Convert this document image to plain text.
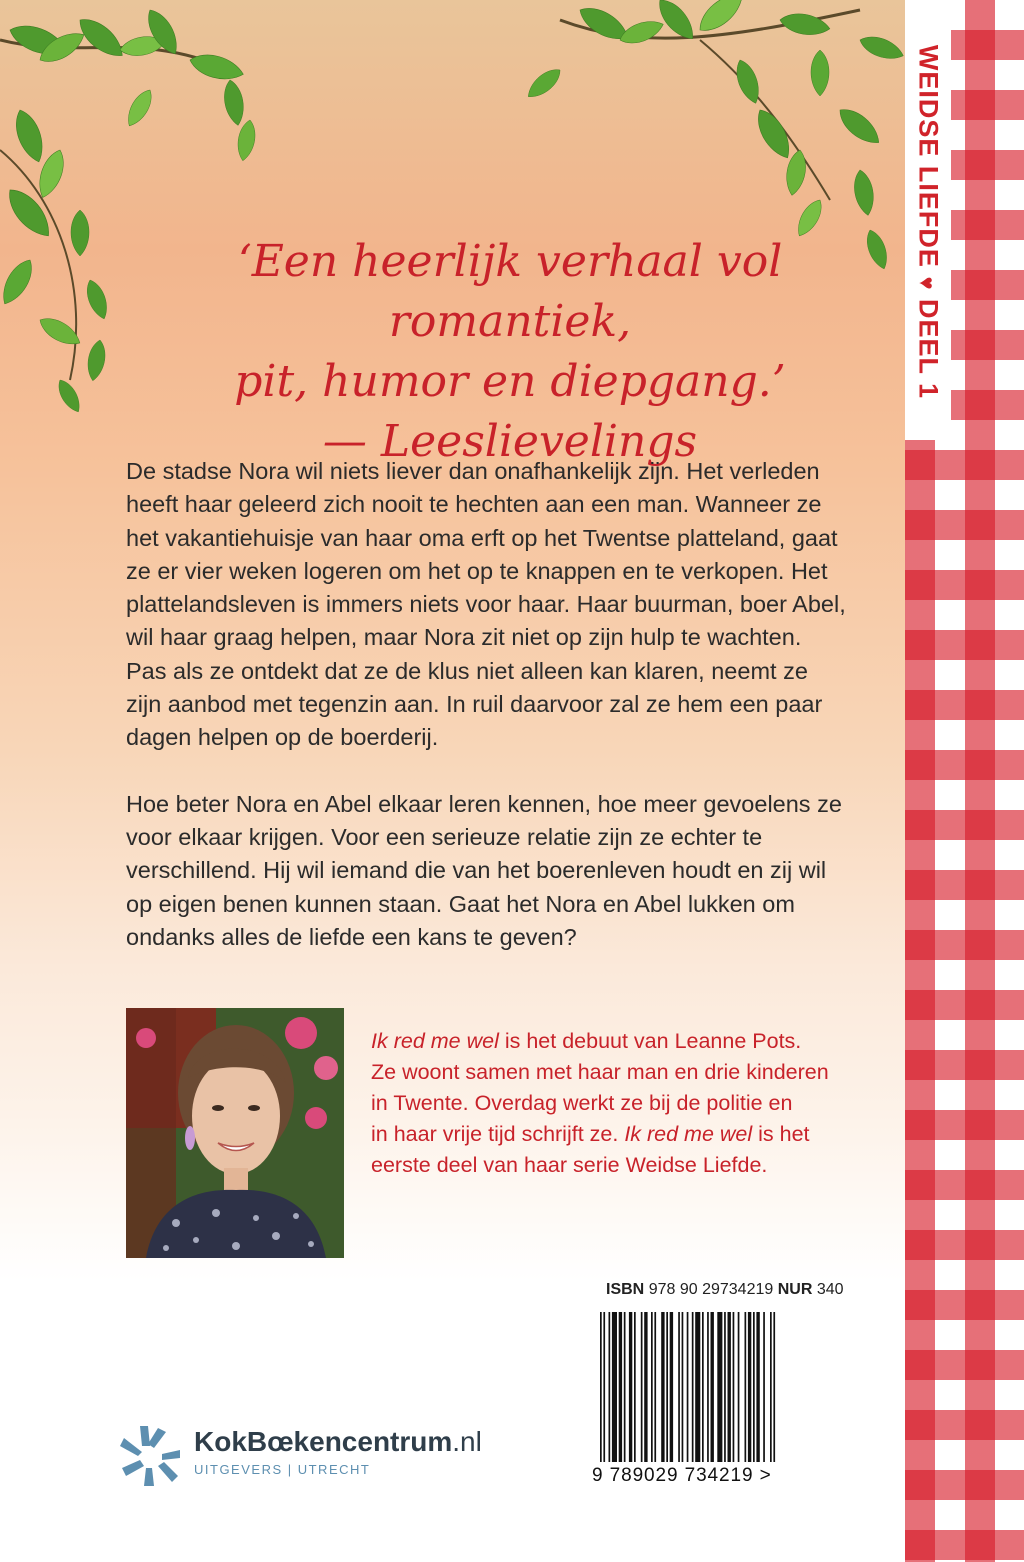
WEIDSE LIEFDE ♥ DEEL 1
‘Een heerlijk verhaal vol romantiek,
pit, humor en diepgang.’
— Leeslievelings

De stadse Nora wil niets liever dan onafhankelijk zijn. Het verleden heeft haar geleerd zich nooit te hechten aan een man. Wanneer ze het vakantiehuisje van haar oma erft op het Twentse platteland, gaat ze er vier weken logeren om het op te knappen en te verkopen. Het plattelandsleven is immers niets voor haar. Haar buurman, boer Abel, wil haar graag helpen, maar Nora zit niet op zijn hulp te wachten. Pas als ze ontdekt dat ze de klus niet alleen kan klaren, neemt ze zijn aanbod met tegenzin aan. In ruil daarvoor zal ze hem een paar dagen helpen op de boerderij.

Hoe beter Nora en Abel elkaar leren kennen, hoe meer gevoelens ze voor elkaar krijgen. Voor een serieuze relatie zijn ze echter te verschillend. Hij wil iemand die van het boerenleven houdt en zij wil op eigen benen kunnen staan. Gaat het Nora en Abel lukken om ondanks alles de liefde een kans te geven?

Ik red me wel is het debuut van Leanne Pots.
Ze woont samen met haar man en drie kinderen
in Twente. Overdag werkt ze bij de politie en
in haar vrije tijd schrijft ze. Ik red me wel is het
eerste deel van haar serie Weidse Liefde.
ISBN 978 90 29734219 NUR 340
9 789029 734219 >
KokBœkencentrum.nl
UITGEVERS | UTRECHT
